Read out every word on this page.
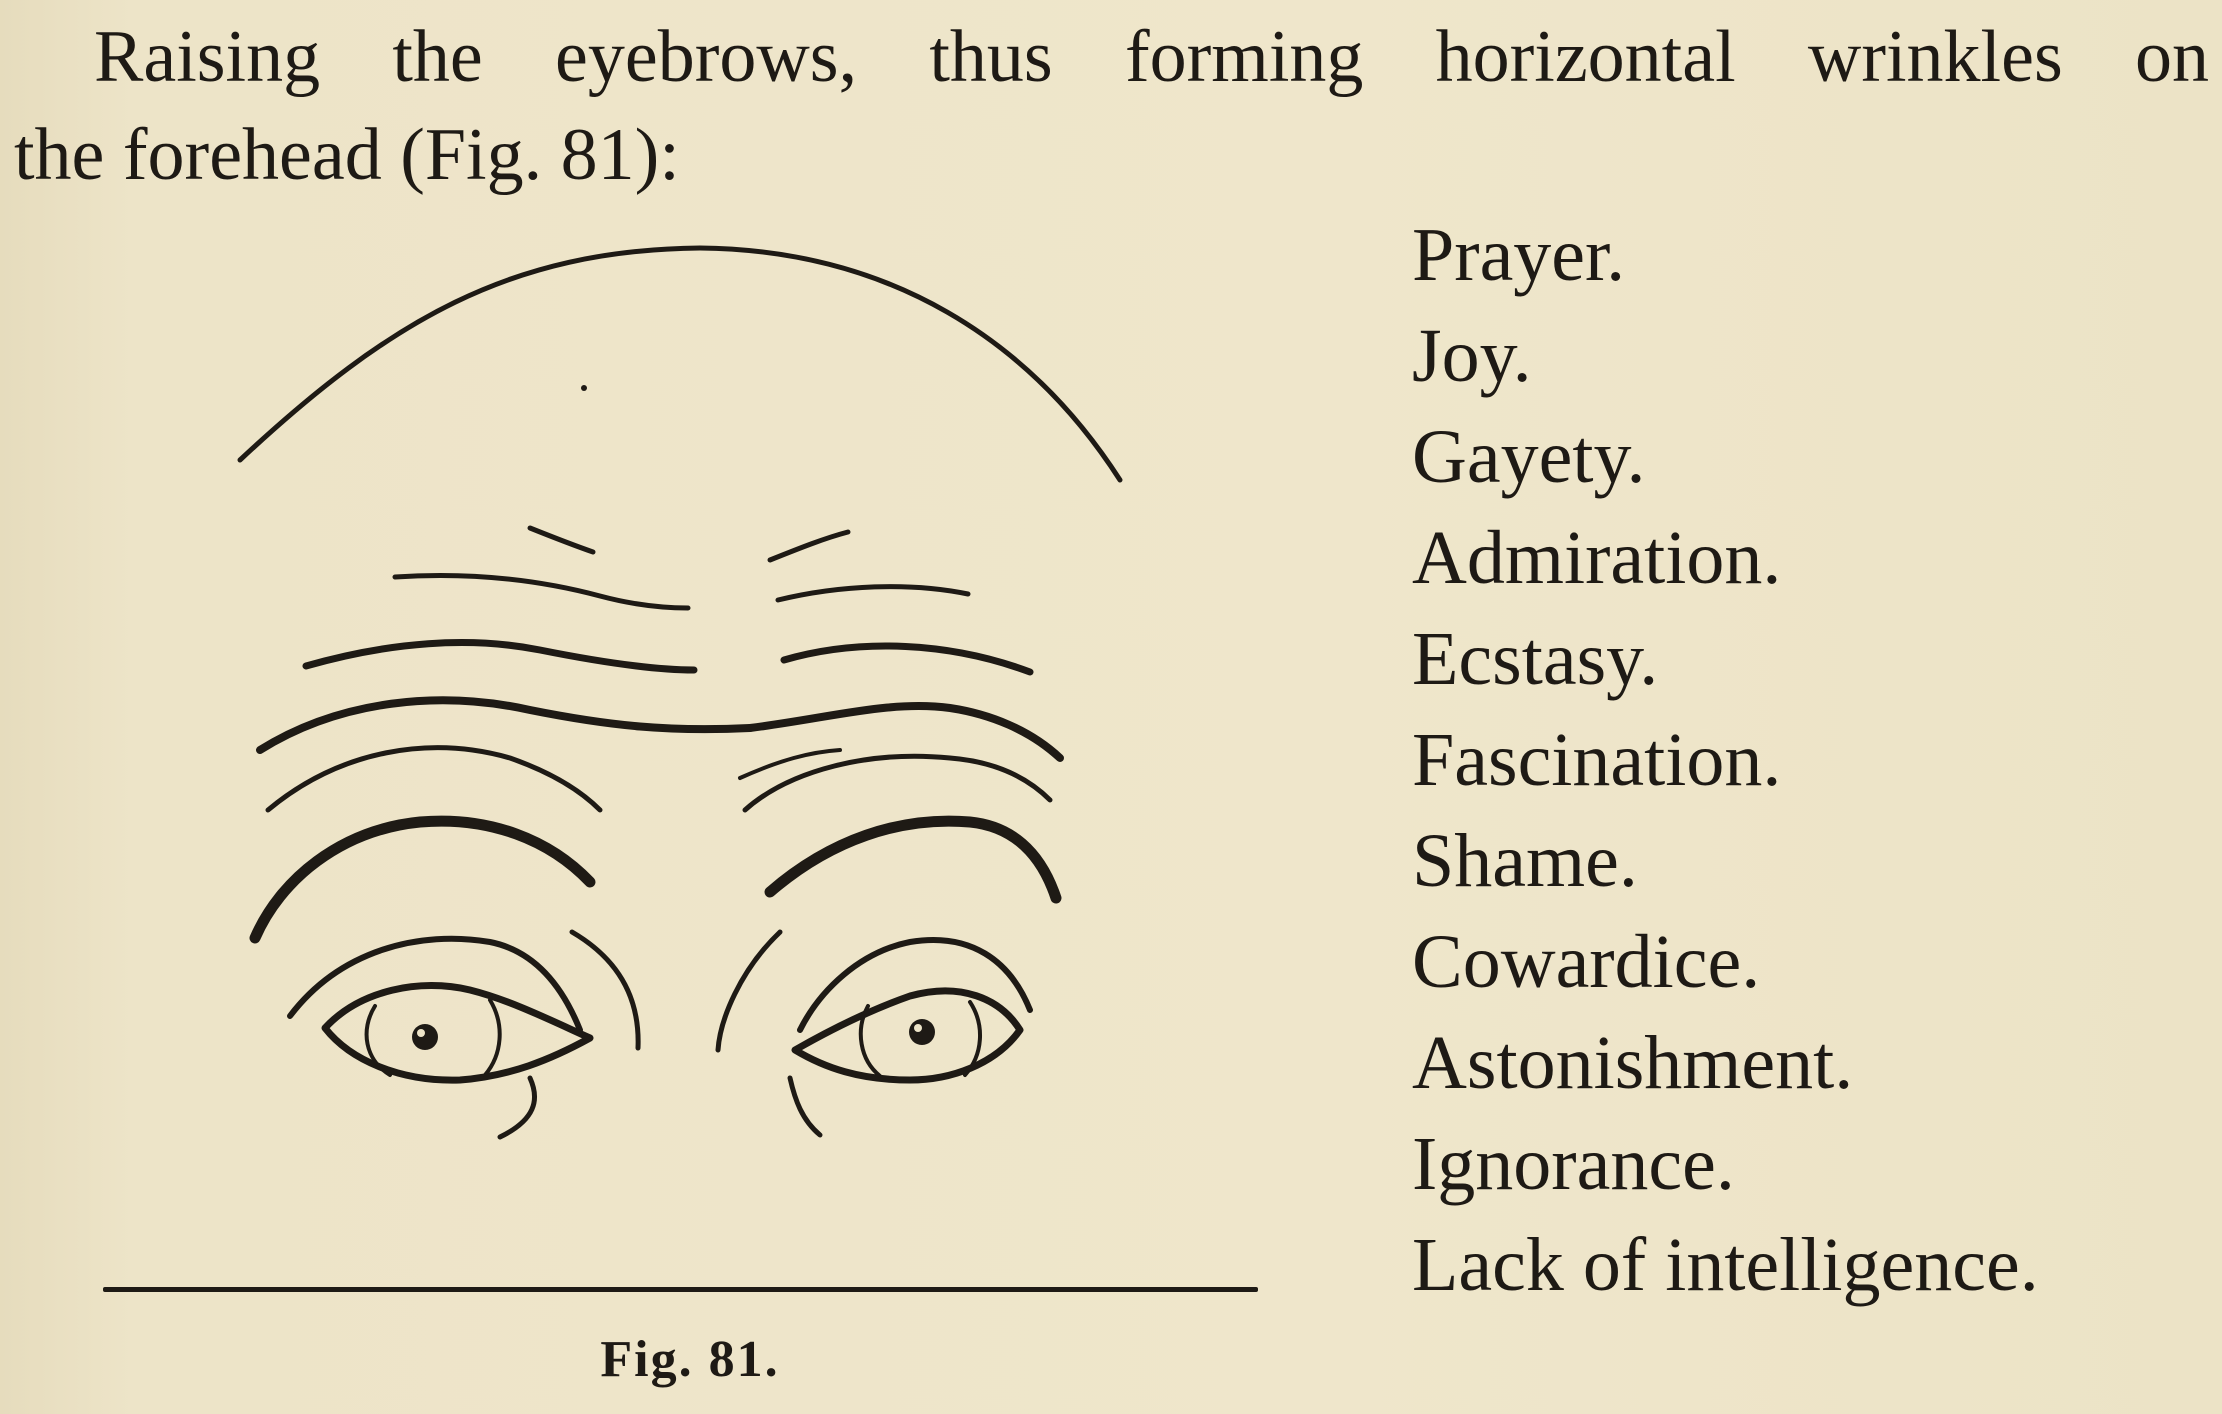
Raising the eyebrows, thus forming horizontal wrinkles on
the forehead (Fig. 81):

Fig. 81.
Prayer.
Joy.
Gayety.
Admiration.
Ecstasy.
Fascination.
Shame.
Cowardice.
Astonishment.
Ignorance.
Lack of intelligence.
